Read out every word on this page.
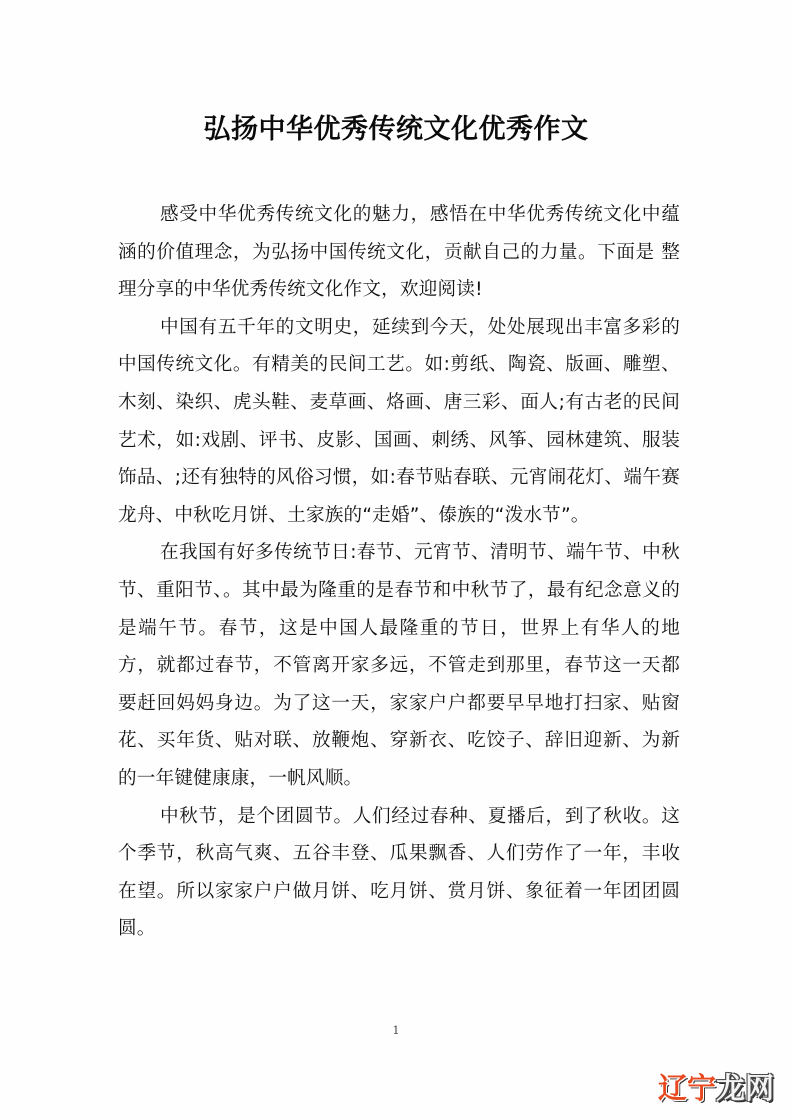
弘扬中华优秀传统文化优秀作文

感受中华优秀传统文化的魅力，感悟在中华优秀传统文化中蕴涵的价值理念，为弘扬中国传统文化，贡献自己的力量。下面是 整理分享的中华优秀传统文化作文，欢迎阅读!

中国有五千年的文明史，延续到今天，处处展现出丰富多彩的中国传统文化。有精美的民间工艺。如:剪纸、陶瓷、版画、雕塑、木刻、染织、虎头鞋、麦草画、烙画、唐三彩、面人;有古老的民间艺术，如:戏剧、评书、皮影、国画、刺绣、风筝、园林建筑、服装饰品、;还有独特的风俗习惯，如:春节贴春联、元宵闹花灯、端午赛龙舟、中秋吃月饼、土家族的“走婚”、傣族的“泼水节”。

在我国有好多传统节日:春节、元宵节、清明节、端午节、中秋节、重阳节、。其中最为隆重的是春节和中秋节了，最有纪念意义的是端午节。春节，这是中国人最隆重的节日，世界上有华人的地方，就都过春节，不管离开家多远，不管走到那里，春节这一天都要赶回妈妈身边。为了这一天，家家户户都要早早地打扫家、贴窗花、买年货、贴对联、放鞭炮、穿新衣、吃饺子、辞旧迎新、为新的一年键健康康，一帆风顺。

中秋节，是个团圆节。人们经过春种、夏播后，到了秋收。这个季节，秋高气爽、五谷丰登、瓜果飘香、人们劳作了一年，丰收在望。所以家家户户做月饼、吃月饼、赏月饼、象征着一年团团圆圆。

1
辽宁龙网
